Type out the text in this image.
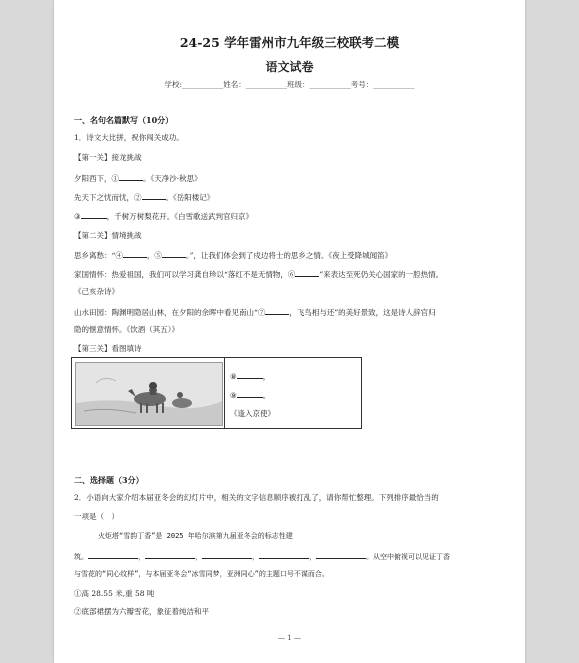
24-25 学年雷州市九年级三校联考二模
语文试卷
学校:___________姓名：___________班级：___________考号：___________
一、名句名篇默写（10分）
1．诗文大比拼，祝你闯关成功。
【第一关】接龙挑战
夕阳西下，①	。《天净沙·秋思》
先天下之忧而忧，②	。《岳阳楼记》
③	，千树万树梨花开。《白雪歌送武判官归京》
【第二关】情境挑战
思乡离愁：“④	，⑤	。”，让我们体会到了戍边将士的思乡之情。《夜上受降城闻笛》
家国情怀：热爱祖国，我们可以学习龚自珍以“落红不是无情物，⑥	”来表达至死仍关心国家的一腔热情。
《己亥杂诗》
山水田园：陶渊明隐居山林，在夕阳的余晖中看见南山“⑦	，飞鸟相与还”的美好景致，这是诗人辞官归
隐的惬意情怀。《饮酒（其五）》
【第三关】看图填诗
⑧	，
⑨	。
《逢入京使》
二、选择题（3分）
2．小语向大家介绍本届亚冬会的幻灯片中，相关的文字信息顺序被打乱了，请你帮忙整理。下列排序最恰当的
一项是（　）
火炬塔“雪韵丁香”是 2025 年哈尔滨第九届亚冬会的标志性建
筑。	，	，	，	，	。从空中俯视可以见证丁香
与雪花的“同心纹样”，与本届亚冬会“冰雪同梦，亚洲同心”的主题口号不谋而合。
①高 28.55 米,重 58 吨
②底部裙摆为六瓣雪花，象征着纯洁和平
— 1 —
